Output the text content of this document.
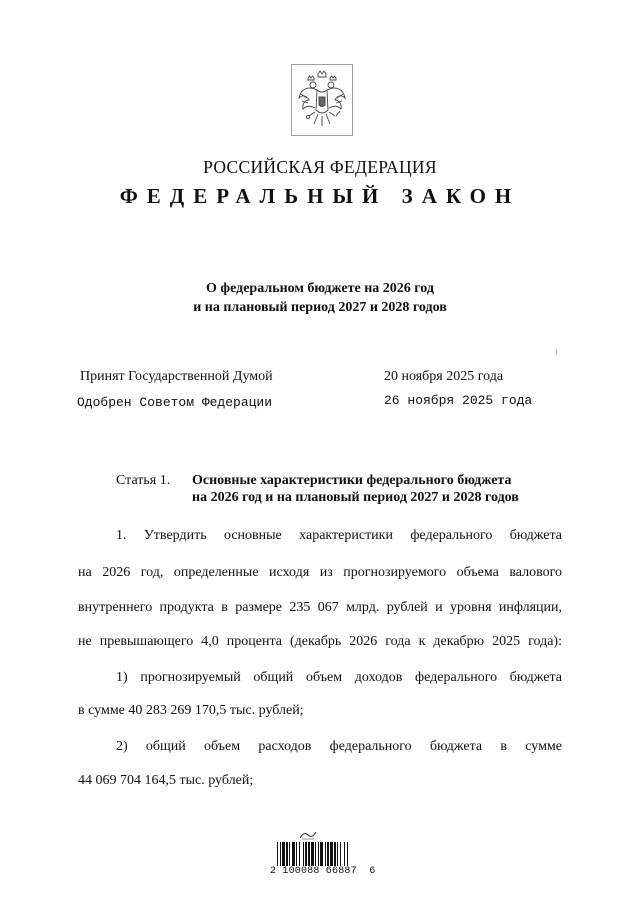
РОССИЙСКАЯ ФЕДЕРАЦИЯ
ФЕДЕРАЛЬНЫЙ ЗАКОН
О федеральном бюджете на 2026 год
и на плановый период 2027 и 2028 годов
Принят Государственной Думой	20 ноября 2025 года
Одобрен Советом Федерации	26 ноября 2025 года
Статья 1. Основные характеристики федерального бюджета
на 2026 год и на плановый период 2027 и 2028 годов
1. Утвердить основные характеристики федерального бюджета
на 2026 год, определенные исходя из прогнозируемого объема валового
внутреннего продукта в размере 235 067 млрд. рублей и уровня инфляции,
не превышающего 4,0 процента (декабрь 2026 года к декабрю 2025 года):
1) прогнозируемый общий объем доходов федерального бюджета
в сумме 40 283 269 170,5 тыс. рублей;
2) общий объем расходов федерального бюджета в сумме
44 069 704 164,5 тыс. рублей;
2 100088 66887  6
